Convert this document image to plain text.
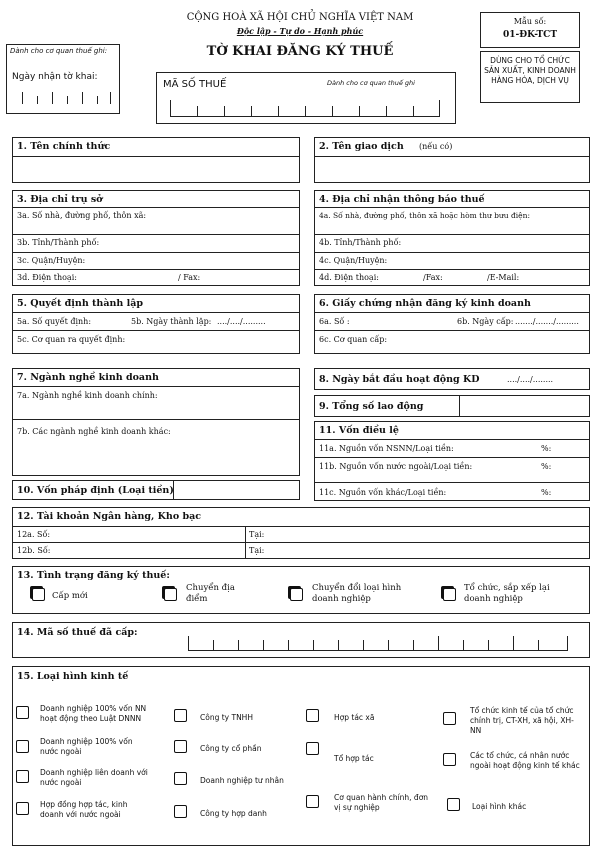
CỘNG HOÀ XÃ HỘI CHỦ NGHĨA VIỆT NAM
Độc lập - Tự do - Hạnh phúc
TỜ KHAI ĐĂNG KÝ THUẾ
Mẫu số:
01-ĐK-TCT
DÙNG CHO TỔ CHỨC SẢN XUẤT, KINH DOANH HÀNG HÓA, DỊCH VỤ
Dành cho cơ quan thuế ghi:
Ngày nhận tờ khai:
MÃ SỐ THUẾ	Dành cho cơ quan thuế ghi
1. Tên chính thức	2. Tên giao dịch (nếu có)
3. Địa chỉ trụ sở
3a. Số nhà, đường phố, thôn xã:
3b. Tỉnh/Thành phố:
3c. Quận/Huyện:
3d. Điện thoại:	/ Fax:
4. Địa chỉ nhận thông báo thuế
4a. Số nhà, đường phố, thôn xã hoặc hòm thư bưu điện:
4b. Tỉnh/Thành phố:
4c. Quận/Huyện:
4d. Điện thoại:	/Fax:	/E-Mail:
5. Quyết định thành lập
5a. Số quyết định:	5b. Ngày thành lập: ..../..../.........
5c. Cơ quan ra quyết định:
6. Giấy chứng nhận đăng ký kinh doanh
6a. Số :	6b. Ngày cấp: ......./......./.........
6c. Cơ quan cấp:
7. Ngành nghề kinh doanh
7a. Ngành nghề kinh doanh chính:
7b. Các ngành nghề kinh doanh khác:
8. Ngày bắt đầu hoạt động KD	..../..../........
9. Tổng số lao động
10. Vốn pháp định (Loại tiền)
11. Vốn điều lệ
11a. Nguồn vốn NSNN/Loại tiền:	%:
11b. Nguồn vốn nước ngoài/Loại tiền:	%:
11c. Nguồn vốn khác/Loại tiền:	%:
12. Tài khoản Ngân hàng, Kho bạc
12a. Số:	Tại:
12b. Số:	Tại:
13. Tình trạng đăng ký thuế:
Cấp mới
Chuyển địa điểm
Chuyển đổi loại hình doanh nghiệp
Tổ chức, sắp xếp lại doanh nghiệp
14. Mã số thuế đã cấp:
15. Loại hình kinh tế
Doanh nghiệp 100% vốn NN hoạt động theo Luật DNNN
Doanh nghiệp 100% vốn nước ngoài
Doanh nghiệp liên doanh với nước ngoài
Hợp đồng hợp tác, kinh doanh với nước ngoài
Công ty TNHH
Công ty cổ phần
Doanh nghiệp tư nhân
Công ty hợp danh
Hợp tác xã
Tổ hợp tác
Cơ quan hành chính, đơn vị sự nghiệp
Tổ chức kinh tế của tổ chức chính trị, CT-XH, xã hội, XH-NN
Các tổ chức, cá nhân nước ngoài hoạt động kinh tế khác
Loại hình khác
